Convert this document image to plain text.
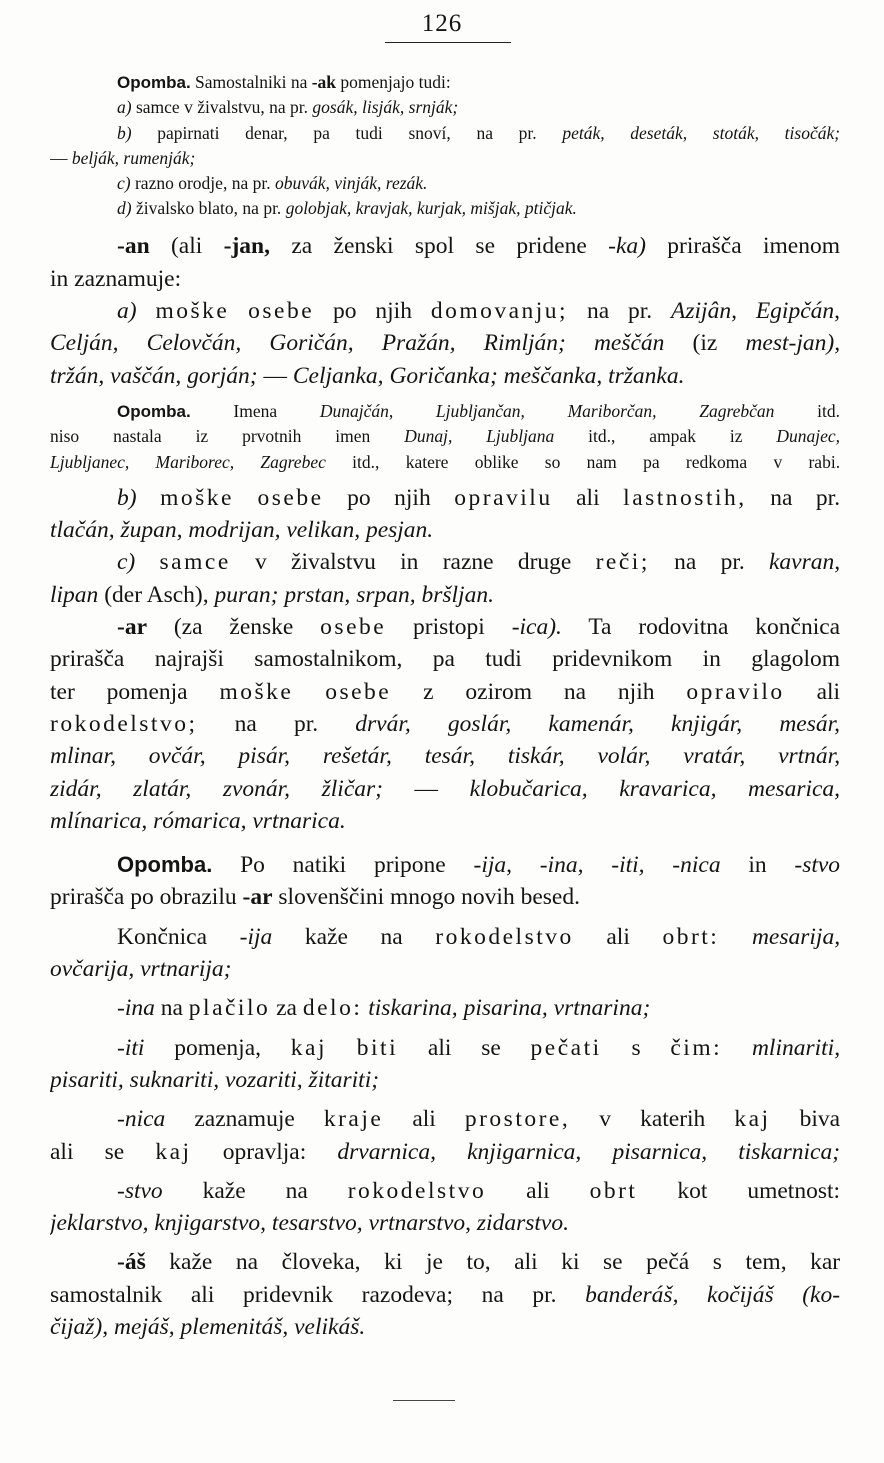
126
Opomba. Samostalniki na -ak pomenjajo tudi:
a) samce v živalstvu, na pr. gosák, lisják, srnják;
b) papirnati denar, pa tudi snoví, na pr. peták, deseták, stoták, tisočák;
— belják, rumenják;
c) razno orodje, na pr. obuvák, vinják, rezák.
d) živalsko blato, na pr. golobjak, kravjak, kurjak, mišjak, ptičjak.
-an (ali -jan, za ženski spol se pridene -ka) prirašča imenom
in zaznamuje:
a) moške osebe po njih domovanju; na pr. Azijân, Egipčán,
Celján, Celovčán, Goričán, Pražán, Rimlján; meščán (iz mest-jan),
tržán, vaščán, gorján; — Celjanka, Goričanka; meščanka, tržanka.
Opomba. Imena Dunajčán, Ljubljančan, Mariborčan, Zagrebčan itd.
niso nastala iz prvotnih imen Dunaj, Ljubljana itd., ampak iz Dunajec,
Ljubljanec, Mariborec, Zagrebec itd., katere oblike so nam pa redkoma v rabi.
b) moške osebe po njih opravilu ali lastnostih, na pr.
tlačán, župan, modrijan, velikan, pesjan.
c) samce v živalstvu in razne druge reči; na pr. kavran,
lipan (der Asch), puran; prstan, srpan, bršljan.
-ar (za ženske osebe pristopi -ica). Ta rodovitna končnica
prirašča najrajši samostalnikom, pa tudi pridevnikom in glagolom
ter pomenja moške osebe z ozirom na njih opravilo ali
rokodelstvo; na pr. drvár, goslár, kamenár, knjigár, mesár,
mlinar, ovčár, pisár, rešetár, tesár, tiskár, volár, vratár, vrtnár,
zidár, zlatár, zvonár, žličar; — klobučarica, kravarica, mesarica,
mlínarica, rómarica, vrtnarica.
Opomba. Po natiki pripone -ija, -ina, -iti, -nica in -stvo
prirašča po obrazilu -ar slovenščini mnogo novih besed.
Končnica -ija kaže na rokodelstvo ali obrt: mesarija,
ovčarija, vrtnarija;
-ina na plačilo za delo: tiskarina, pisarina, vrtnarina;
-iti pomenja, kaj biti ali se pečati s čim: mlinariti,
pisariti, suknariti, vozariti, žitariti;
-nica zaznamuje kraje ali prostore, v katerih kaj biva
ali se kaj opravlja: drvarnica, knjigarnica, pisarnica, tiskarnica;
-stvo kaže na rokodelstvo ali obrt kot umetnost:
jeklarstvo, knjigarstvo, tesarstvo, vrtnarstvo, zidarstvo.
-áš kaže na človeka, ki je to, ali ki se pečá s tem, kar
samostalnik ali pridevnik razodeva; na pr. banderáš, kočijáš (ko-
čijaž), mejáš, plemenitáš, velikáš.
